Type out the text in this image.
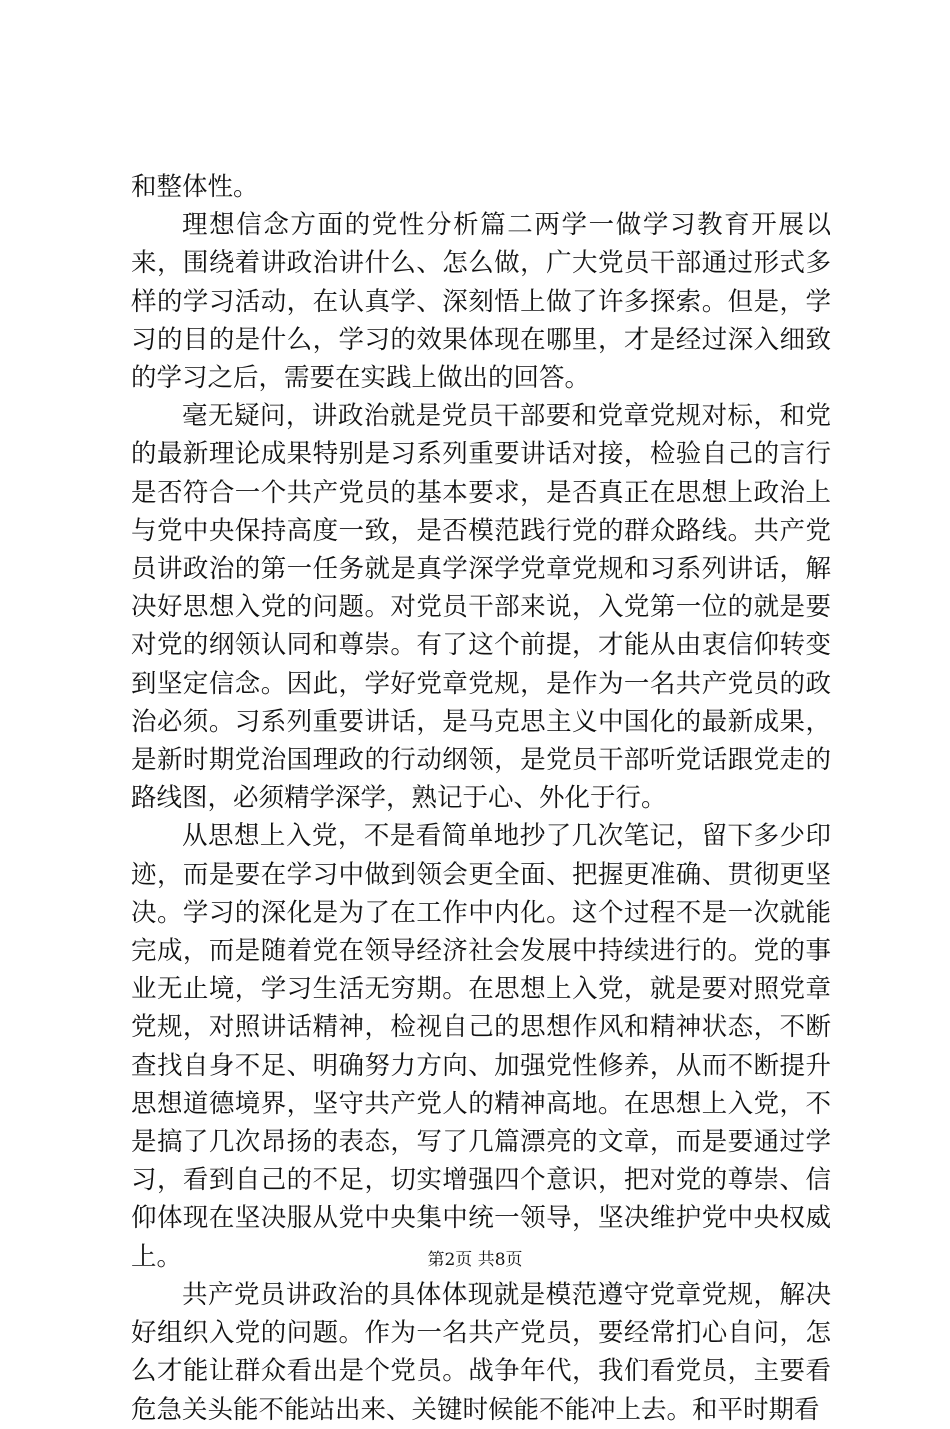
和整体性。

理想信念方面的党性分析篇二两学一做学习教育开展以来，围绕着讲政治讲什么、怎么做，广大党员干部通过形式多样的学习活动，在认真学、深刻悟上做了许多探索。但是，学习的目的是什么，学习的效果体现在哪里，才是经过深入细致的学习之后，需要在实践上做出的回答。

毫无疑问，讲政治就是党员干部要和党章党规对标，和党的最新理论成果特别是习系列重要讲话对接，检验自己的言行是否符合一个共产党员的基本要求，是否真正在思想上政治上与党中央保持高度一致，是否模范践行党的群众路线。共产党员讲政治的第一任务就是真学深学党章党规和习系列讲话，解决好思想入党的问题。对党员干部来说，入党第一位的就是要对党的纲领认同和尊崇。有了这个前提，才能从由衷信仰转变到坚定信念。因此，学好党章党规，是作为一名共产党员的政治必须。习系列重要讲话，是马克思主义中国化的最新成果，是新时期党治国理政的行动纲领，是党员干部听党话跟党走的路线图，必须精学深学，熟记于心、外化于行。

从思想上入党，不是看简单地抄了几次笔记，留下多少印迹，而是要在学习中做到领会更全面、把握更准确、贯彻更坚决。学习的深化是为了在工作中内化。这个过程不是一次就能完成，而是随着党在领导经济社会发展中持续进行的。党的事业无止境，学习生活无穷期。在思想上入党，就是要对照党章党规，对照讲话精神，检视自己的思想作风和精神状态，不断查找自身不足、明确努力方向、加强党性修养，从而不断提升思想道德境界，坚守共产党人的精神高地。在思想上入党，不是搞了几次昂扬的表态，写了几篇漂亮的文章，而是要通过学习，看到自己的不足，切实增强四个意识，把对党的尊崇、信仰体现在坚决服从党中央集中统一领导，坚决维护党中央权威上。

共产党员讲政治的具体体现就是模范遵守党章党规，解决好组织入党的问题。作为一名共产党员，要经常扪心自问，怎么才能让群众看出是个党员。战争年代，我们看党员，主要看危急关头能不能站出来、关键时候能不能冲上去。和平时期看

第2页 共8页
